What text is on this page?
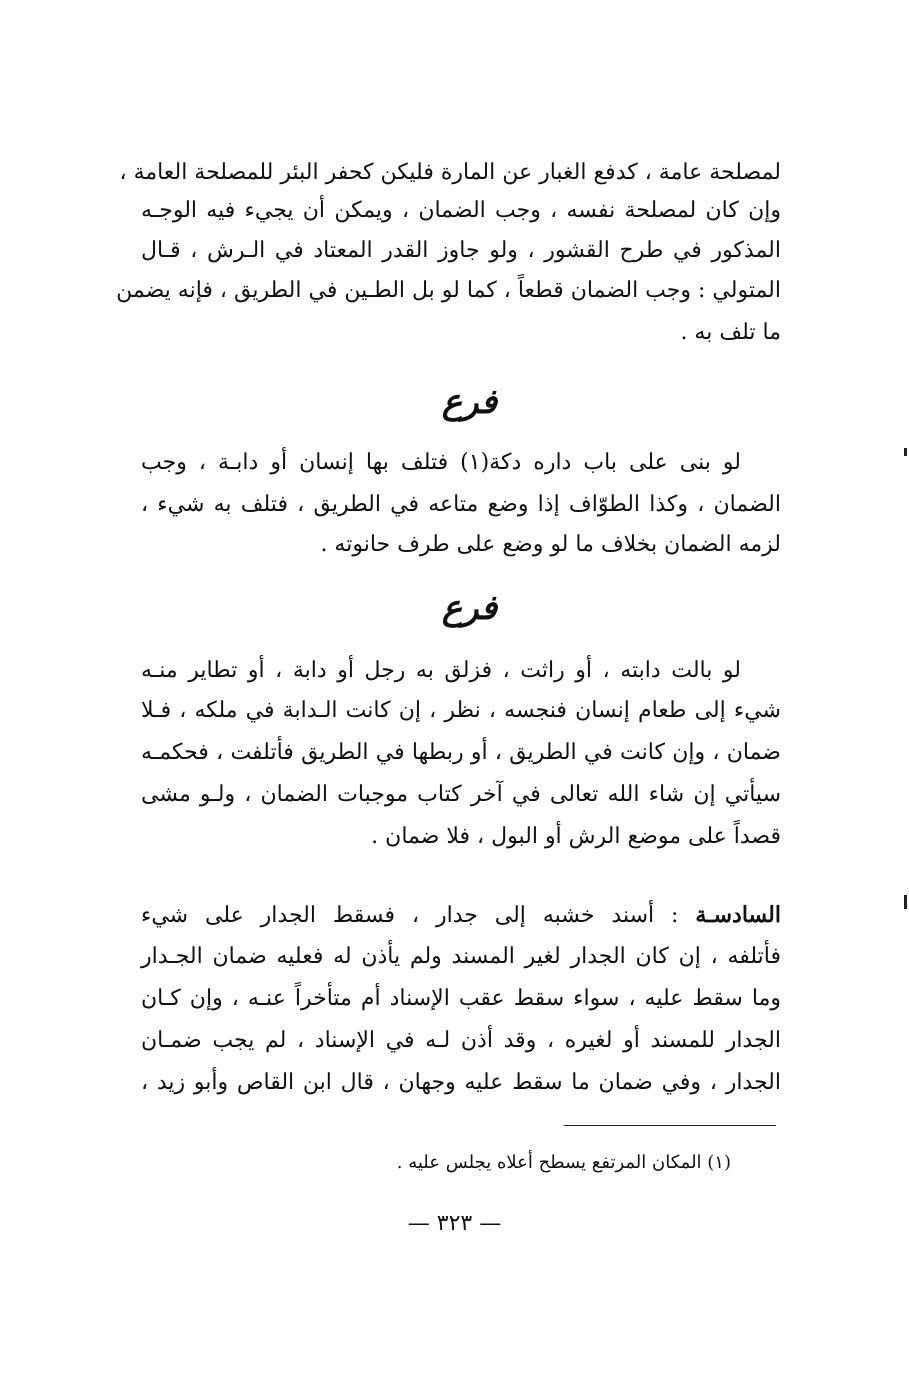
لمصلحة عامة ، كدفع الغبار عن المارة فليكن كحفر البئر للمصلحة العامة ،
وإن كان لمصلحة نفسه ، وجب الضمان ، ويمكن أن يجيء فيه الوجـه
المذكور في طرح القشور ، ولو جاوز القدر المعتاد في الـرش ، قـال
المتولي : وجب الضمان قطعاً ، كما لو بل الطـين في الطريق ، فإنه يضمن
ما تلف به .
فرع
لو بنى على باب داره دكة(١) فتلف بها إنسان أو دابـة ، وجب
الضمان ، وكذا الطوّاف إذا وضع متاعه في الطريق ، فتلف به شيء ،
لزمه الضمان بخلاف ما لو وضع على طرف حانوته .
فرع
لو بالت دابته ، أو راثت ، فزلق به رجل أو دابة ، أو تطاير منـه
شيء إلى طعام إنسان فنجسه ، نظر ، إن كانت الـدابة في ملكه ، فـلا
ضمان ، وإن كانت في الطريق ، أو ربطها في الطريق فأتلفت ، فحكمـه
سيأتي إن شاء الله تعالى في آخر كتاب موجبات الضمان ، ولـو مشى
قصداً على موضع الرش أو البول ، فلا ضمان .
السادسـة : أسند خشبه إلى جدار ، فسقط الجدار على شيء
فأتلفه ، إن كان الجدار لغير المسند ولم يأذن له فعليه ضمان الجـدار
وما سقط عليه ، سواء سقط عقب الإسناد أم متأخراً عنـه ، وإن كـان
الجدار للمسند أو لغيره ، وقد أذن لـه في الإسناد ، لم يجب ضمـان
الجدار ، وفي ضمان ما سقط عليه وجهان ، قال ابن القاص وأبو زيد ،
(١) المكان المرتفع يسطح أعلاه يجلس عليه .
— ٣٢٣ —
